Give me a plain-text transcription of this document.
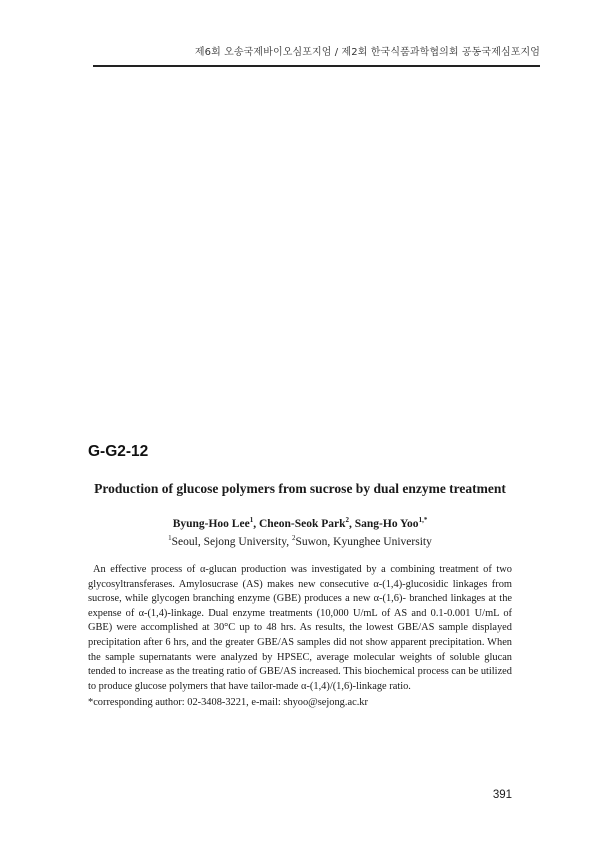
제6회 오송국제바이오심포지엄 / 제2회 한국식품과학협의회 공동국제심포지엄
G-G2-12
Production of glucose polymers from sucrose by dual enzyme treatment
Byung-Hoo Lee$^1$, Cheon-Seok Park$^2$, Sang-Ho Yoo$^{1,*}$
$^1$Seoul, Sejong University, $^2$Suwon, Kyunghee University

An effective process of α-glucan production was investigated by a combining treatment of two glycosyltransferases. Amylosucrase (AS) makes new consecutive α-(1,4)-glucosidic linkages from sucrose, while glycogen branching enzyme (GBE) produces a new α-(1,6)- branched linkages at the expense of α-(1,4)-linkage. Dual enzyme treatments (10,000 U/mL of AS and 0.1-0.001 U/mL of GBE) were accomplished at 30°C up to 48 hrs. As results, the lowest GBE/AS sample displayed precipitation after 6 hrs, and the greater GBE/AS samples did not show apparent precipitation. When the sample supernatants were analyzed by HPSEC, average molecular weights of soluble glucan tended to increase as the treating ratio of GBE/AS increased. This biochemical process can be utilized to produce glucose polymers that have tailor-made α-(1,4)/(1,6)-linkage ratio.

*corresponding author: 02-3408-3221, e-mail: shyoo@sejong.ac.kr
391
